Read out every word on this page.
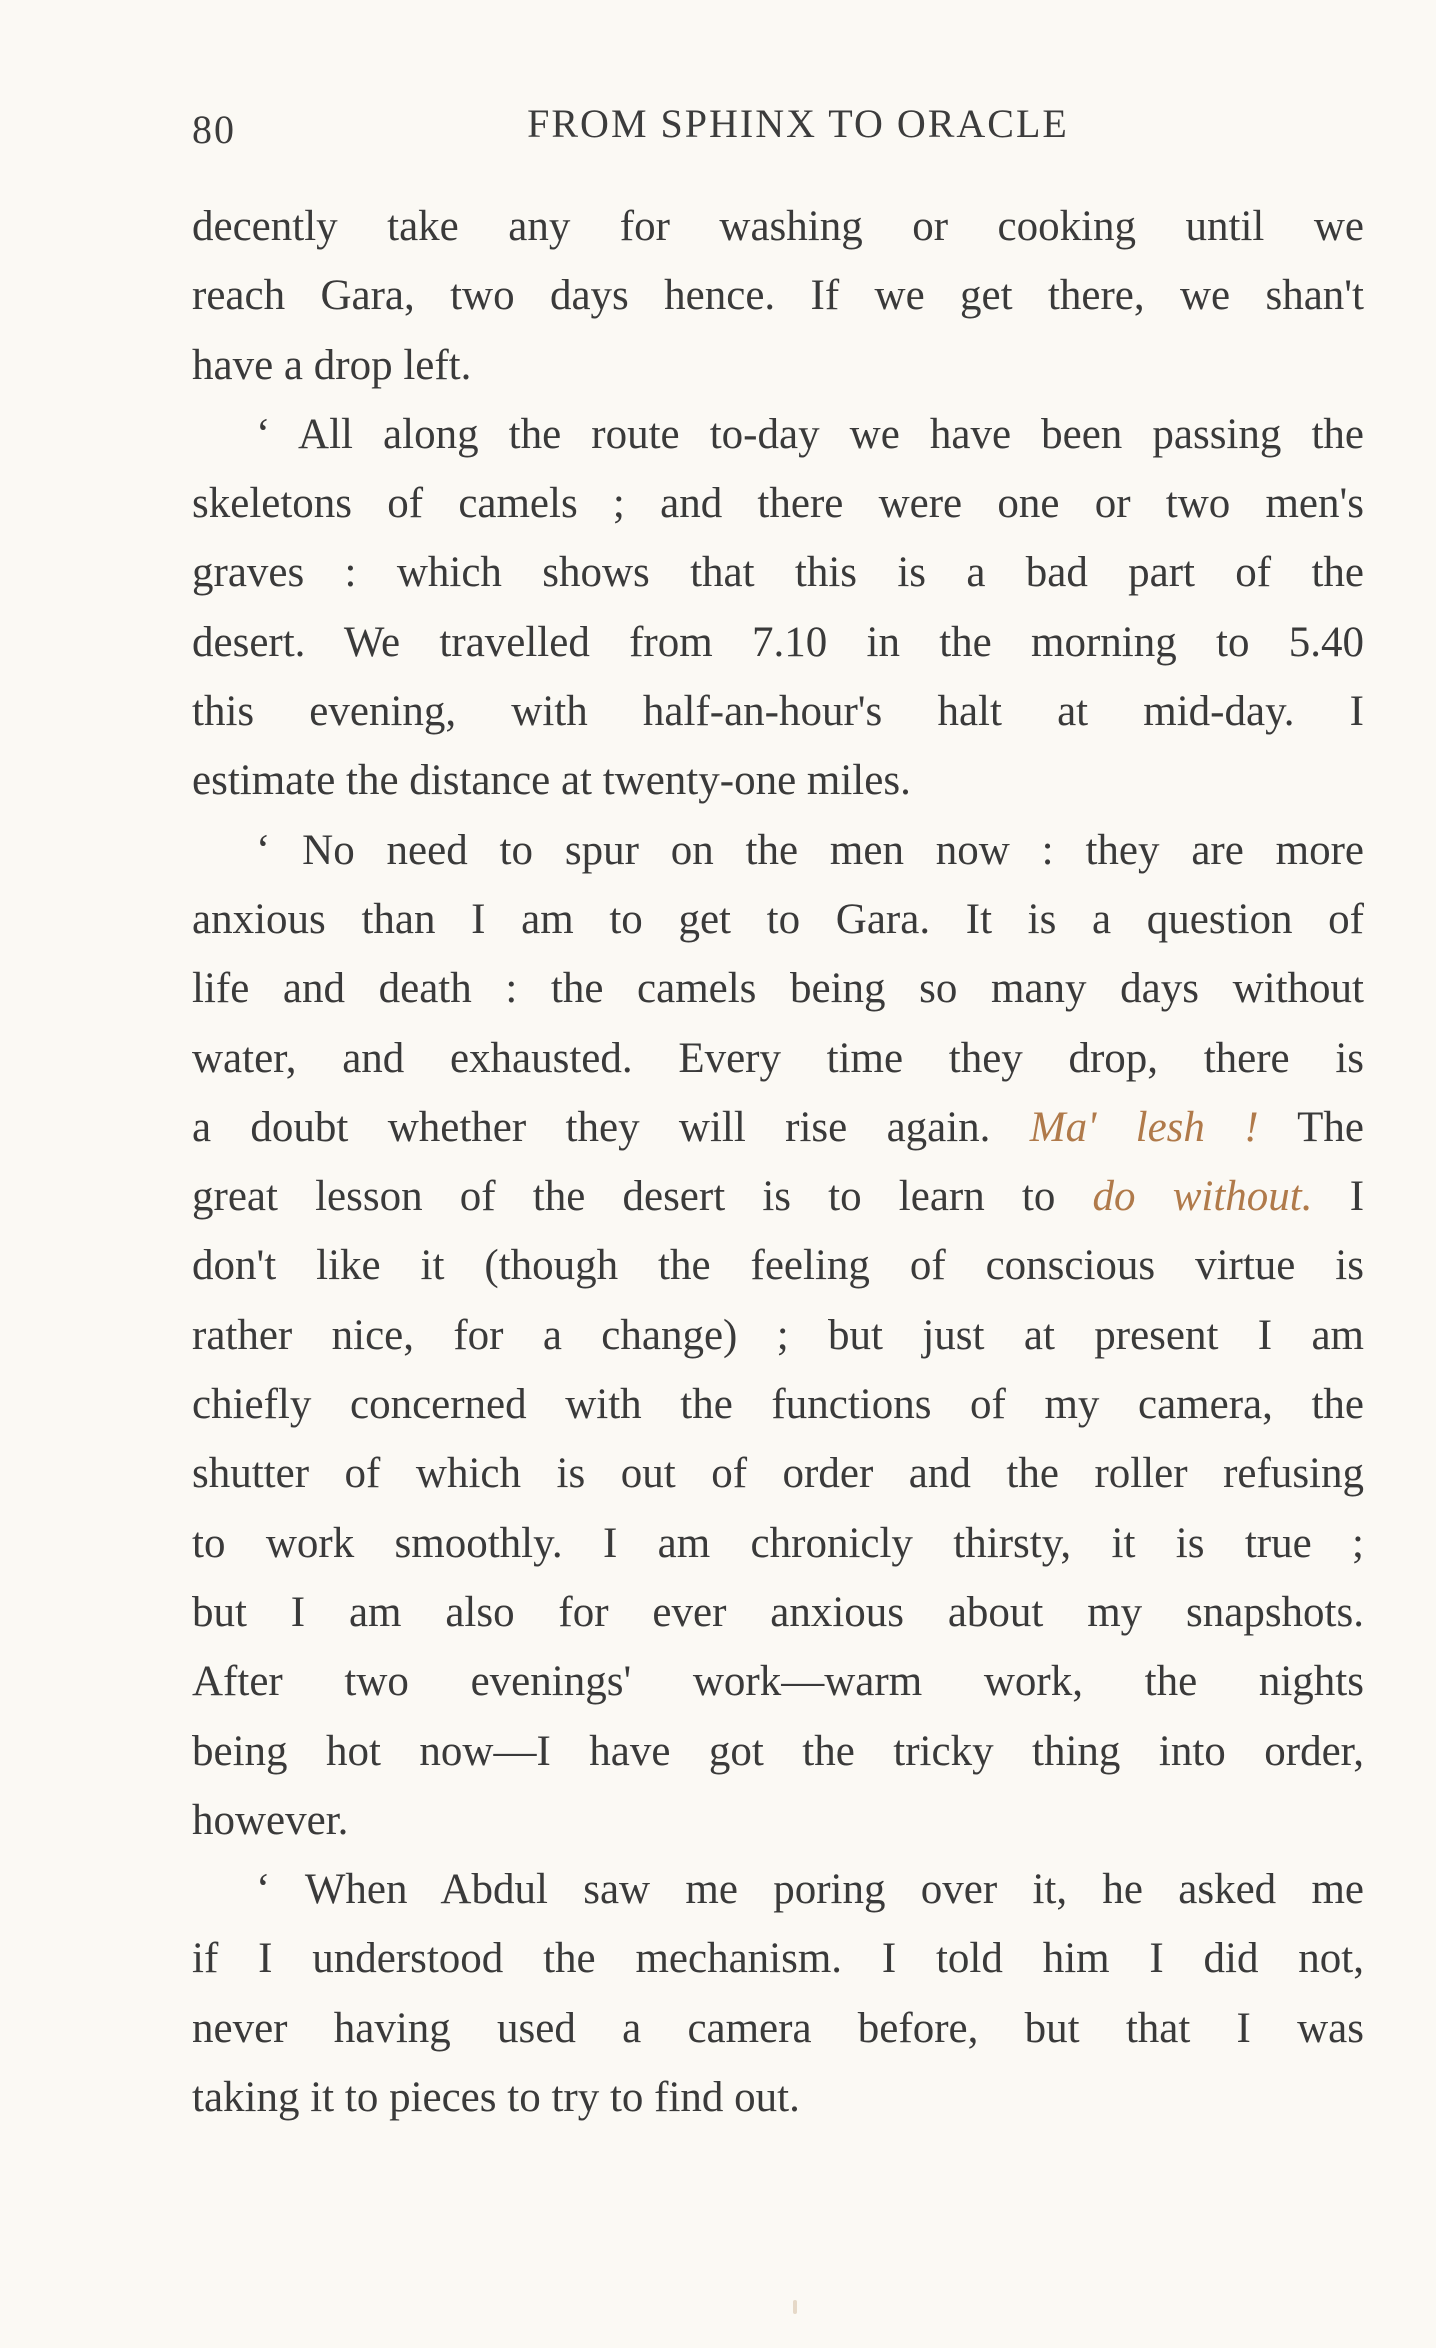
80	FROM SPHINX TO ORACLE
decently take any for washing or cooking until we
reach Gara, two days hence. If we get there, we shan't
have a drop left.
‘ All along the route to-day we have been passing the
skeletons of camels ; and there were one or two men's
graves : which shows that this is a bad part of the
desert. We travelled from 7.10 in the morning to 5.40
this evening, with half-an-hour's halt at mid-day. I
estimate the distance at twenty-one miles.
‘ No need to spur on the men now : they are more
anxious than I am to get to Gara. It is a question of
life and death : the camels being so many days without
water, and exhausted. Every time they drop, there is
a doubt whether they will rise again. Ma' lesh ! The
great lesson of the desert is to learn to do without. I
don't like it (though the feeling of conscious virtue is
rather nice, for a change) ; but just at present I am
chiefly concerned with the functions of my camera, the
shutter of which is out of order and the roller refusing
to work smoothly. I am chronicly thirsty, it is true ;
but I am also for ever anxious about my snapshots.
After two evenings' work—warm work, the nights
being hot now—I have got the tricky thing into order,
however.
‘ When Abdul saw me poring over it, he asked me
if I understood the mechanism. I told him I did not,
never having used a camera before, but that I was
taking it to pieces to try to find out.
